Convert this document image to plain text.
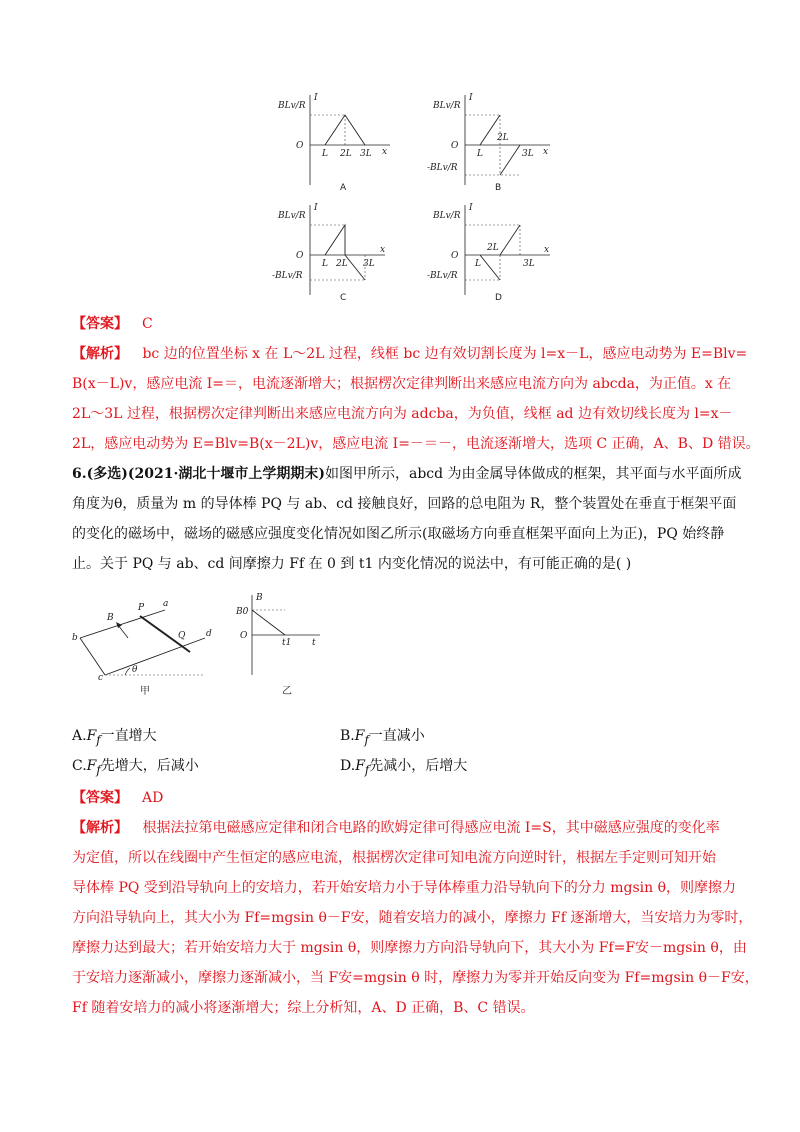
BLv/R
I
O
L 2L 3L x
A
BLv/R
-BLv/R
I
O
L
2L
3L x
B
BLv/R
-BLv/R
I
O
L 2L 3L
x
C
BLv/R
-BLv/R
I
O
L
2L
3L
x
D
【答案】 C
【解析】 bc 边的位置坐标 x 在 L～2L 过程，线框 bc 边有效切割长度为 l=x－L，感应电动势为 E=Blv=
B(x－L)v，感应电流 I=＝，电流逐渐增大；根据楞次定律判断出来感应电流方向为 abcda，为正值。x 在
2L～3L 过程，根据楞次定律判断出来感应电流方向为 adcba，为负值，线框 ad 边有效切线长度为 l=x－
2L，感应电动势为 E=Blv=B(x－2L)v，感应电流 I=－＝－，电流逐渐增大，选项 C 正确，A、B、D 错误。
6.(多选)(2021·湖北十堰市上学期期末)如图甲所示，abcd 为由金属导体做成的框架，其平面与水平面所成
角度为θ，质量为 m 的导体棒 PQ 与 ab、cd 接触良好，回路的总电阻为 R，整个装置处在垂直于框架平面
的变化的磁场中，磁场的磁感应强度变化情况如图乙所示(取磁场方向垂直框架平面向上为正)，PQ 始终静
止。关于 PQ 与 ab、cd 间摩擦力 Ff 在 0 到 t1 内变化情况的说法中，有可能正确的是( )
B
P a
b	Q d
c
θ
甲
B
B0
O
t1 t
乙
$A.F_f$一直增大	$B.F_f$一直减小
$C.F_f$先增大，后减小	$D.F_f$先减小，后增大
【答案】 AD
【解析】 根据法拉第电磁感应定律和闭合电路的欧姆定律可得感应电流 I=S，其中磁感应强度的变化率
为定值，所以在线圈中产生恒定的感应电流，根据楞次定律可知电流方向逆时针，根据左手定则可知开始
导体棒 PQ 受到沿导轨向上的安培力，若开始安培力小于导体棒重力沿导轨向下的分力 mgsin θ，则摩擦力
方向沿导轨向上，其大小为 Ff=mgsin θ－F安，随着安培力的减小，摩擦力 Ff 逐渐增大，当安培力为零时，
摩擦力达到最大；若开始安培力大于 mgsin θ，则摩擦力方向沿导轨向下，其大小为 Ff=F安－mgsin θ，由
于安培力逐渐减小，摩擦力逐渐减小，当 F安=mgsin θ 时，摩擦力为零并开始反向变为 Ff=mgsin θ－F安，
Ff 随着安培力的减小将逐渐增大；综上分析知，A、D 正确，B、C 错误。
